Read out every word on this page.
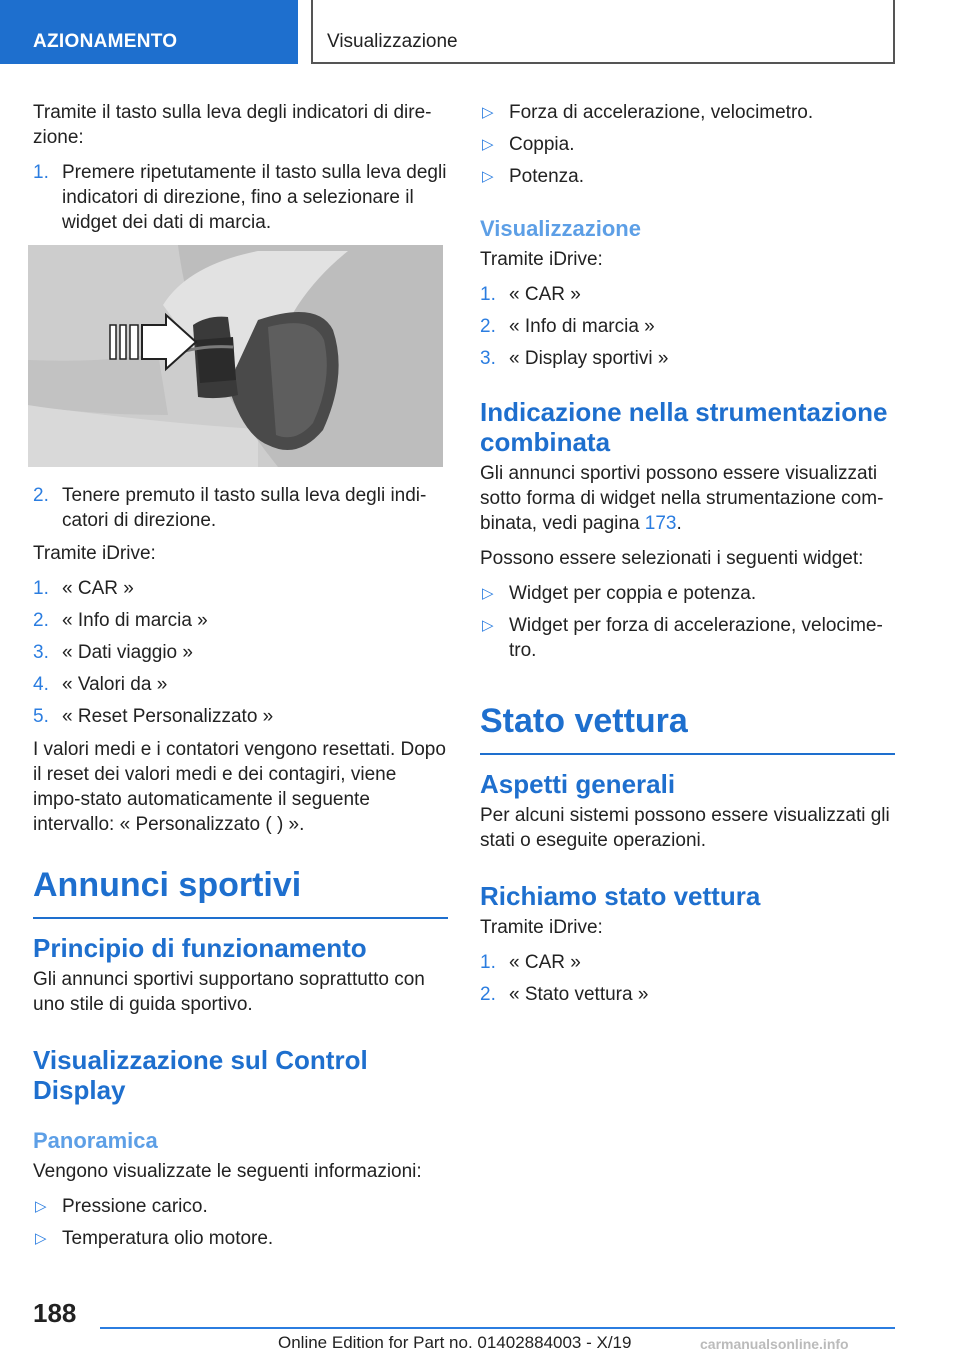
AZIONAMENTO	Visualizzazione

Tramite il tasto sulla leva degli indicatori di dire-zione:

1. Premere ripetutamente il tasto sulla leva degli indicatori di direzione, fino a selezionare il widget dei dati di marcia.
2. Tenere premuto il tasto sulla leva degli indi-catori di direzione.

Tramite iDrive:

1. « CAR »
2. « Info di marcia »
3. « Dati viaggio »
4. « Valori da »
5. « Reset Personalizzato »

I valori medi e i contatori vengono resettati. Dopo il reset dei valori medi e dei contagiri, viene impo-stato automaticamente il seguente intervallo: « Personalizzato ( ) ».

Annunci sportivi
Principio di funzionamento

Gli annunci sportivi supportano soprattutto con uno stile di guida sportivo.

Visualizzazione sul Control Display
Panoramica

Vengono visualizzate le seguenti informazioni:

▷ Pressione carico.
▷ Temperatura olio motore.
▷ Forza di accelerazione, velocimetro.
▷ Coppia.
▷ Potenza.
Visualizzazione

Tramite iDrive:

1. « CAR »
2. « Info di marcia »
3. « Display sportivi »
Indicazione nella strumentazione combinata

Gli annunci sportivi possono essere visualizzati sotto forma di widget nella strumentazione com-binata, vedi pagina 173.

Possono essere selezionati i seguenti widget:

▷ Widget per coppia e potenza.
▷ Widget per forza di accelerazione, velocime-tro.
Stato vettura
Aspetti generali

Per alcuni sistemi possono essere visualizzati gli stati o eseguite operazioni.

Richiamo stato vettura

Tramite iDrive:

1. « CAR »
2. « Stato vettura »
188
Online Edition for Part no. 01402884003 - X/19	carmanualsonline.info
